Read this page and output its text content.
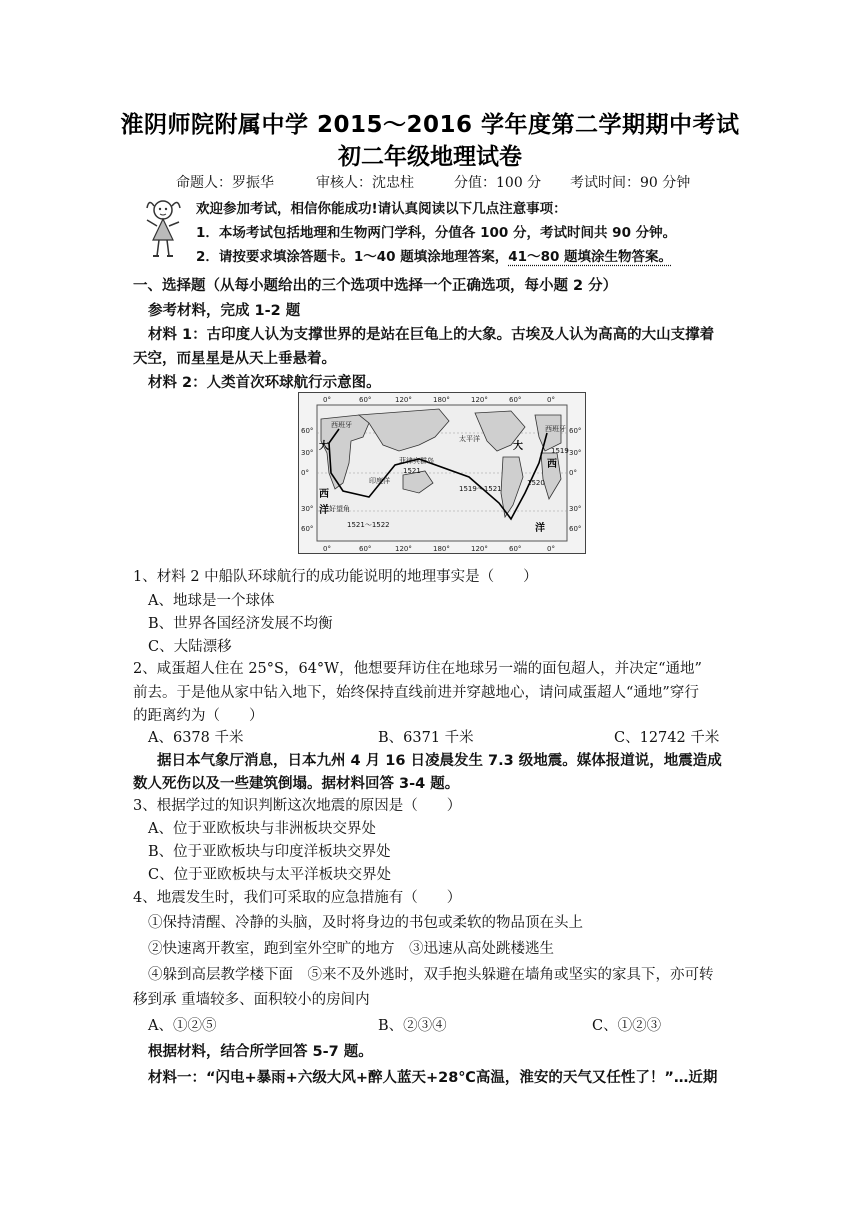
淮阴师院附属中学 2015～2016 学年度第二学期期中考试
初二年级地理试卷
命题人：罗振华	审核人：沈忠柱	分值：100 分 考试时间：90 分钟
欢迎参加考试，相信你能成功!请认真阅读以下几点注意事项：
1．本场考试包括地理和生物两门学科，分值各 100 分，考试时间共 90 分钟。
2．请按要求填涂答题卡。1～40 题填涂地理答案，41～80 题填涂生物答案。
一、选择题（从每小题给出的三个选项中选择一个正确选项，每小题 2 分）
参考材料，完成 1-2 题
材料 1：古印度人认为支撑世界的是站在巨龟上的大象。古埃及人认为高高的大山支撑着
天空，而星星是从天上垂悬着。
材料 2：人类首次环球航行示意图。
0°	60°	120°	180°	120°	60°	0°
0°	60°	120°	180°	120°	60°	0°
60°
30°
0°
30°
60°
60°
30°
0°
30°
60°
大
西
洋
大
西
洋
太平洋
印度洋
菲律宾群岛
好望角
西班牙	西班牙
1519
1521
1519～1521
1520
1521～1522
1、材料 2 中船队环球航行的成功能说明的地理事实是（　　）
A、地球是一个球体
B、世界各国经济发展不均衡
C、大陆漂移
2、咸蛋超人住在 25°S，64°W，他想要拜访住在地球另一端的面包超人，并决定“通地”
前去。于是他从家中钻入地下，始终保持直线前进并穿越地心，请问咸蛋超人“通地”穿行
的距离约为（　　）
A、6378 千米	B、6371 千米	C、12742 千米
据日本气象厅消息，日本九州 4 月 16 日凌晨发生 7.3 级地震。媒体报道说，地震造成
数人死伤以及一些建筑倒塌。据材料回答 3-4 题。
3、根据学过的知识判断这次地震的原因是（　　）
A、位于亚欧板块与非洲板块交界处
B、位于亚欧板块与印度洋板块交界处
C、位于亚欧板块与太平洋板块交界处
4、地震发生时，我们可采取的应急措施有（　　）
①保持清醒、冷静的头脑，及时将身边的书包或柔软的物品顶在头上
②快速离开教室，跑到室外空旷的地方　③迅速从高处跳楼逃生
④躲到高层教学楼下面　⑤来不及外逃时，双手抱头躲避在墙角或坚实的家具下，亦可转
移到承 重墙较多、面积较小的房间内
A、①②⑤	B、②③④	C、①②③
根据材料，结合所学回答 5-7 题。
材料一：“闪电+暴雨+六级大风+醉人蓝天+28℃高温，淮安的天气又任性了！”…近期
